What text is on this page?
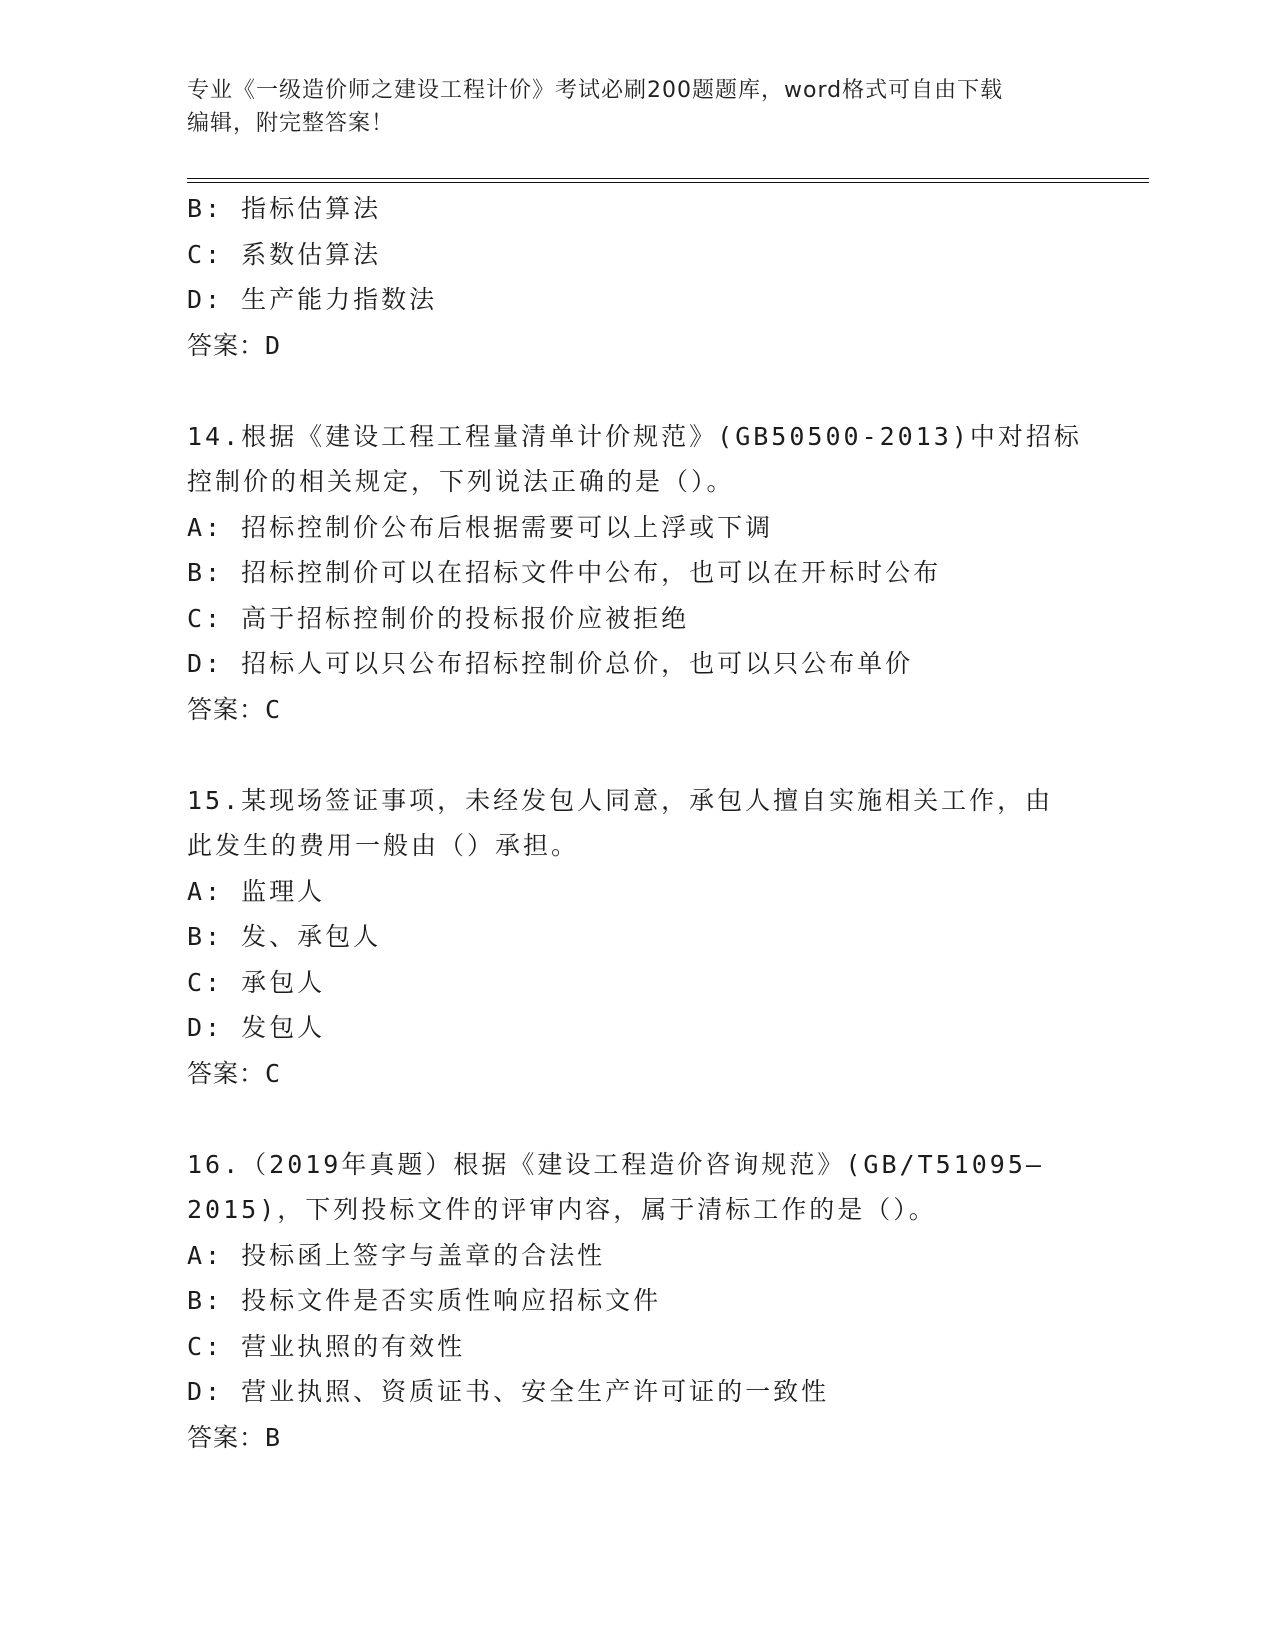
专业《一级造价师之建设工程计价》考试必刷200题题库，word格式可自由下载
编辑，附完整答案！
B: 指标估算法
C: 系数估算法
D: 生产能力指数法
答案：D
14.根据《建设工程工程量清单计价规范》(GB50500-2013)中对招标
控制价的相关规定，下列说法正确的是（）。
A: 招标控制价公布后根据需要可以上浮或下调
B: 招标控制价可以在招标文件中公布，也可以在开标时公布
C: 高于招标控制价的投标报价应被拒绝
D: 招标人可以只公布招标控制价总价，也可以只公布单价
答案：C
15.某现场签证事项，未经发包人同意，承包人擅自实施相关工作，由
此发生的费用一般由（）承担。
A: 监理人
B: 发、承包人
C: 承包人
D: 发包人
答案：C
16.（2019年真题）根据《建设工程造价咨询规范》(GB/T51095—
2015)，下列投标文件的评审内容，属于清标工作的是（）。
A: 投标函上签字与盖章的合法性
B: 投标文件是否实质性响应招标文件
C: 营业执照的有效性
D: 营业执照、资质证书、安全生产许可证的一致性
答案：B
